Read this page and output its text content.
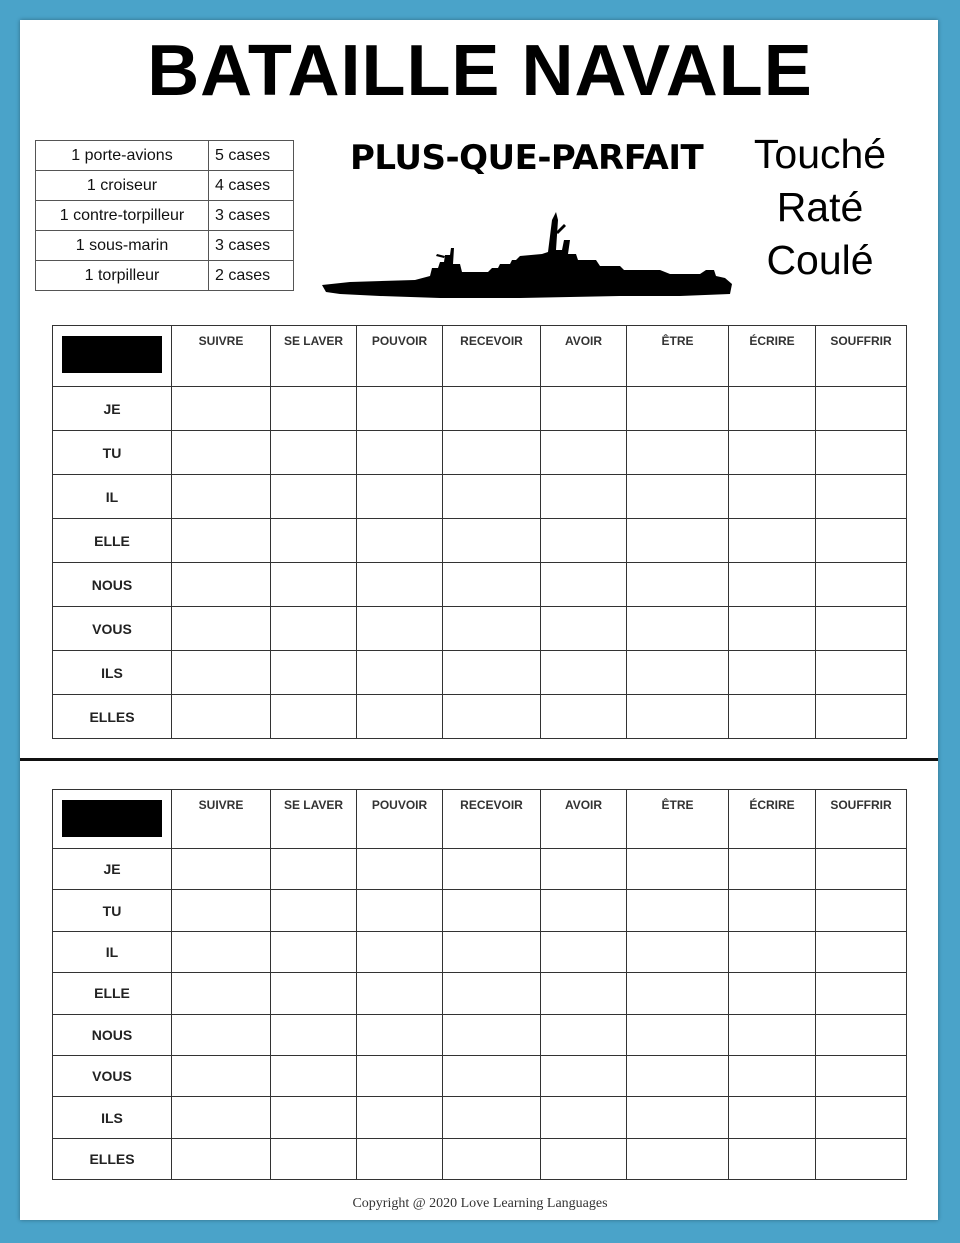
BATAILLE NAVALE
1 porte-avions	5 cases
1 croiseur	4 cases
1 contre-torpilleur	3 cases
1 sous-marin	3 cases
1 torpilleur	2 cases
PLUS-QUE-PARFAIT	Touché
Raté
Coulé
	SUIVRE	SE LAVER	POUVOIR	RECEVOIR	AVOIR	ÊTRE	ÉCRIRE	SOUFFRIR
JE								
TU								
IL								
ELLE								
NOUS								
VOUS								
ILS								
ELLES								
	SUIVRE	SE LAVER	POUVOIR	RECEVOIR	AVOIR	ÊTRE	ÉCRIRE	SOUFFRIR
JE								
TU								
IL								
ELLE								
NOUS								
VOUS								
ILS								
ELLES								
Copyright @ 2020 Love Learning Languages
